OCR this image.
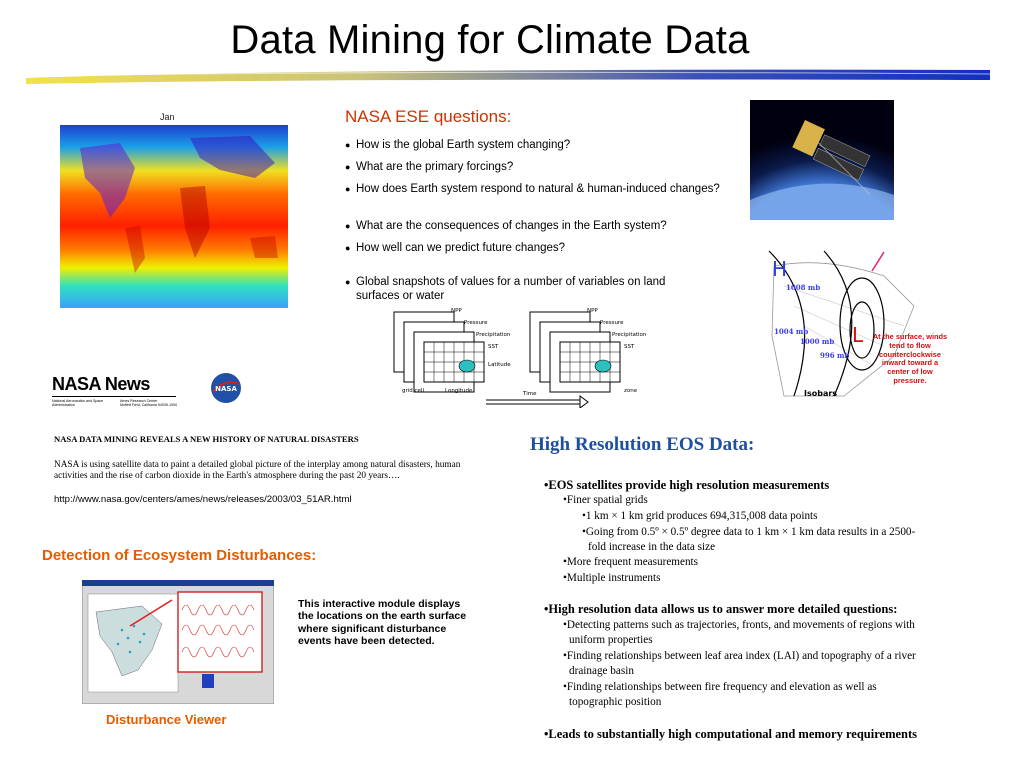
Data Mining for Climate Data
Jan	NASA ESE questions:
● How is the global Earth system changing?
● What are the primary forcings?
● How does Earth system respond to natural & human-induced changes?
● What are the consequences of changes in the Earth system?
● How well can we predict future changes?
● Global snapshots of values for a number of variables on land surfaces or water
H
L
1008 mb
1004 mb
1000 mb
996 mb
Isobars
At the surface, winds tend to flow counterclockwise inward toward a center of low pressure.
NPP
Pressure
Precipitation
SST
Latitude
NPP
Pressure
Precipitation
SST
grid cell	Longitude	zone
Time
NASA News
National Aeronautics and Space Administration
Ames Research Center
Moffett Field, California 94035-1000
NASA
NASA DATA MINING REVEALS A NEW HISTORY OF NATURAL DISASTERS
NASA is using satellite data to paint a detailed global picture of the interplay among natural disasters, human activities and the rise of carbon dioxide in the Earth's atmosphere during the past 20 years….
http://www.nasa.gov/centers/ames/news/releases/2003/03_51AR.html
Detection of Ecosystem Disturbances:
This interactive module displays the locations on the earth surface where significant disturbance events have been detected.
Disturbance Viewer
High Resolution EOS Data:
•EOS satellites provide high resolution measurements
•Finer spatial grids
•1 km × 1 km grid produces 694,315,008 data points
•Going from 0.5º × 0.5º degree data to 1 km × 1 km data results in a 2500-
fold increase in the data size
•More frequent measurements
•Multiple instruments
•High resolution data allows us to answer more detailed questions:
•Detecting patterns such as trajectories, fronts, and movements of regions with
uniform properties
•Finding relationships between leaf area index (LAI) and topography of a river
drainage basin
•Finding relationships between fire frequency and elevation as well as
topographic position
•Leads to substantially high computational and memory requirements
